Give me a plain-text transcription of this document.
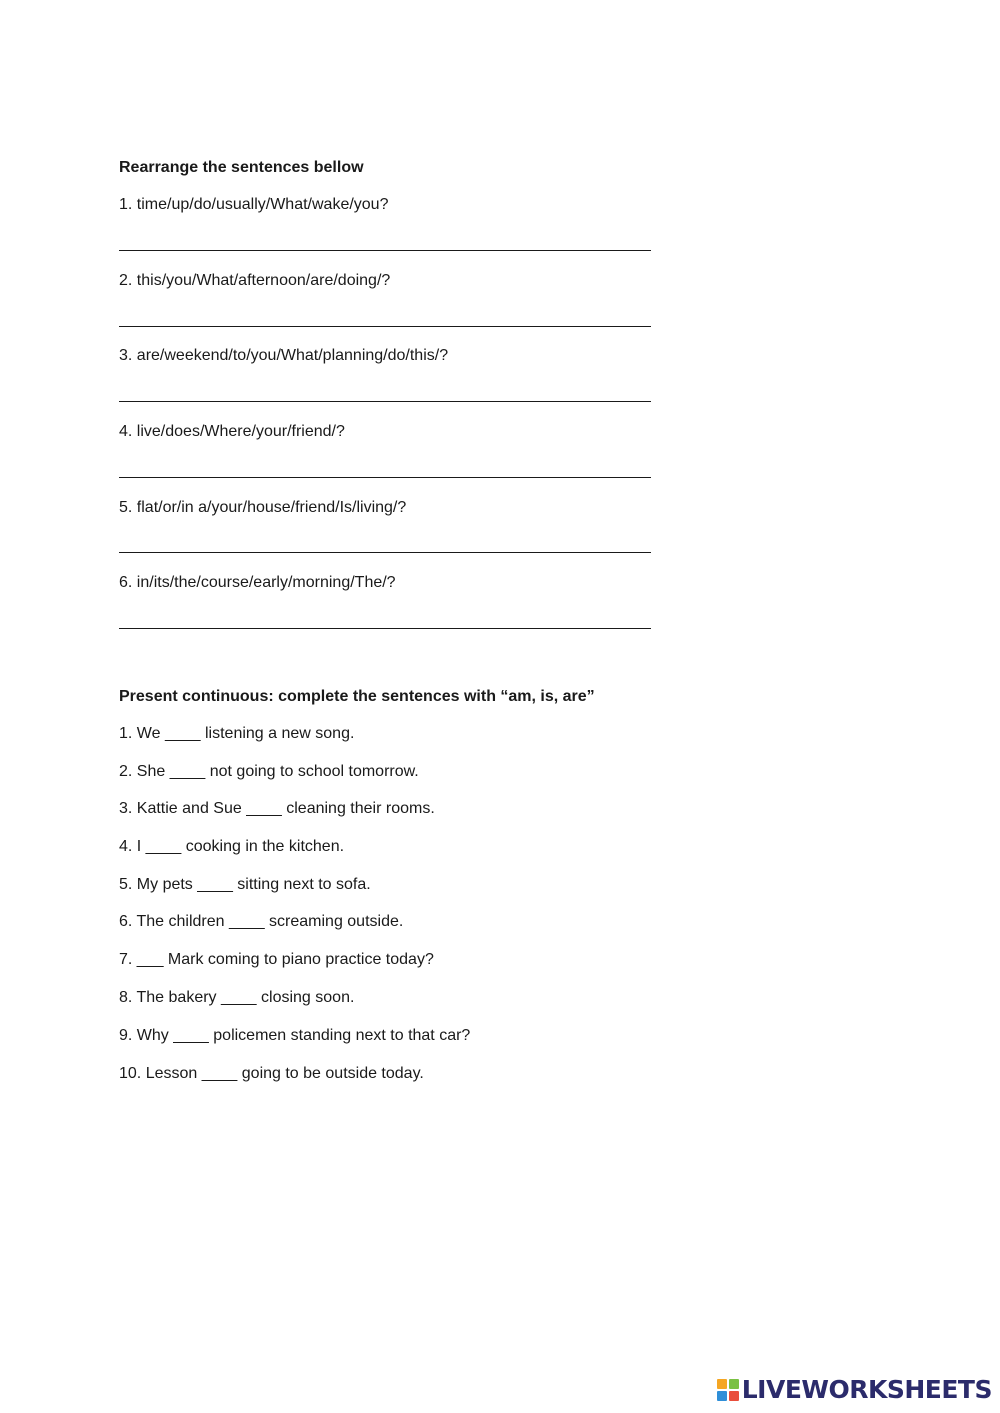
Rearrange the sentences bellow
1. time/up/do/usually/What/wake/you?
2. this/you/What/afternoon/are/doing/?
3. are/weekend/to/you/What/planning/do/this/?
4. live/does/Where/your/friend/?
5. flat/or/in a/your/house/friend/Is/living/?
6. in/its/the/course/early/morning/The/?
Present continuous: complete the sentences with “am, is, are”
1. We ____ listening a new song.
2. She ____ not going to school tomorrow.
3. Kattie and Sue ____ cleaning their rooms.
4. I ____ cooking in the kitchen.
5. My pets ____ sitting next to sofa.
6. The children ____ screaming outside.
7. ___ Mark coming to piano practice today?
8. The bakery ____ closing soon.
9. Why ____ policemen standing next to that car?
10. Lesson ____ going to be outside today.
LIVEWORKSHEETS
